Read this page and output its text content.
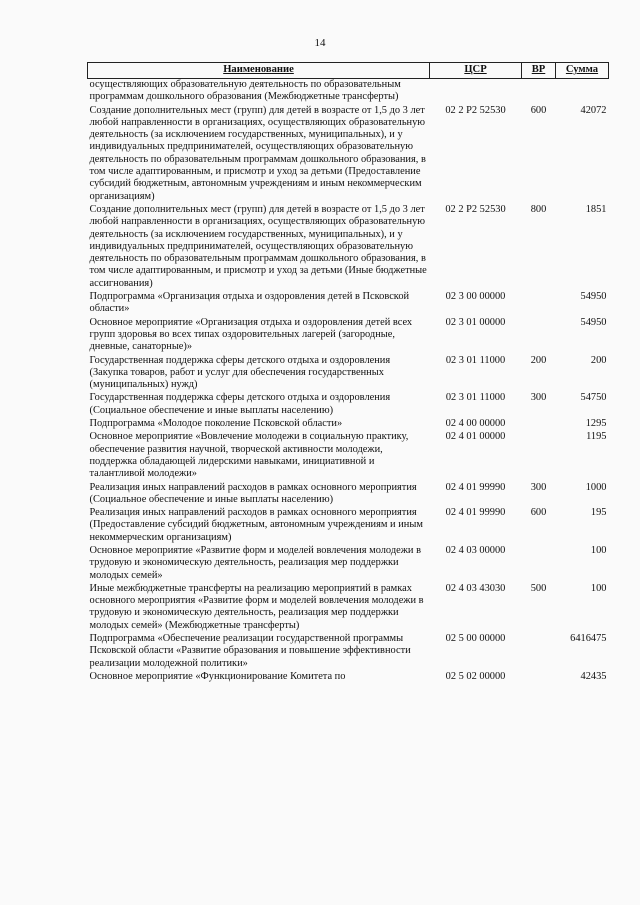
14
Наименование	ЦСР	ВР	Сумма
осуществляющих образовательную деятельность по образовательным программам дошкольного образования (Межбюджетные трансферты)			
Создание дополнительных мест (групп) для детей в возрасте от 1,5 до 3 лет любой направленности в организациях, осуществляющих образовательную деятельность (за исключением государственных, муниципальных), и у индивидуальных предпринимателей, осуществляющих образовательную деятельность по образовательным программам дошкольного образования, в том числе адаптированным, и присмотр и уход за детьми (Предоставление субсидий бюджетным, автономным учреждениям и иным некоммерческим организациям)	02 2 P2 52530	600	42072
Создание дополнительных мест (групп) для детей в возрасте от 1,5 до 3 лет любой направленности в организациях, осуществляющих образовательную деятельность (за исключением государственных, муниципальных), и у индивидуальных предпринимателей, осуществляющих образовательную деятельность по образовательным программам дошкольного образования, в том числе адаптированным, и присмотр и уход за детьми (Иные бюджетные ассигнования)	02 2 P2 52530	800	1851
Подпрограмма «Организация отдыха и оздоровления детей в Псковской области»	02 3 00 00000		54950
Основное мероприятие «Организация отдыха и оздоровления детей всех групп здоровья во всех типах оздоровительных лагерей (загородные, дневные, санаторные)»	02 3 01 00000		54950
Государственная поддержка сферы детского отдыха и оздоровления (Закупка товаров, работ и услуг для обеспечения государственных (муниципальных) нужд)	02 3 01 11000	200	200
Государственная поддержка сферы детского отдыха и оздоровления (Социальное обеспечение и иные выплаты населению)	02 3 01 11000	300	54750
Подпрограмма «Молодое поколение Псковской области»	02 4 00 00000		1295
Основное мероприятие «Вовлечение молодежи в социальную практику, обеспечение развития научной, творческой активности молодежи, поддержка обладающей лидерскими навыками, инициативной и талантливой молодежи»	02 4 01 00000		1195
Реализация иных направлений расходов в рамках основного мероприятия (Социальное обеспечение и иные выплаты населению)	02 4 01 99990	300	1000
Реализация иных направлений расходов в рамках основного мероприятия (Предоставление субсидий бюджетным, автономным учреждениям и иным некоммерческим организациям)	02 4 01 99990	600	195
Основное мероприятие «Развитие форм и моделей вовлечения молодежи в трудовую и экономическую деятельность, реализация мер поддержки молодых семей»	02 4 03 00000		100
Иные межбюджетные трансферты на реализацию мероприятий в рамках основного мероприятия «Развитие форм и моделей вовлечения молодежи в трудовую и экономическую деятельность, реализация мер поддержки молодых семей» (Межбюджетные трансферты)	02 4 03 43030	500	100
Подпрограмма «Обеспечение реализации государственной программы Псковской области «Развитие образования и повышение эффективности реализации молодежной политики»	02 5 00 00000		6416475
Основное мероприятие «Функционирование Комитета по	02 5 02 00000		42435
